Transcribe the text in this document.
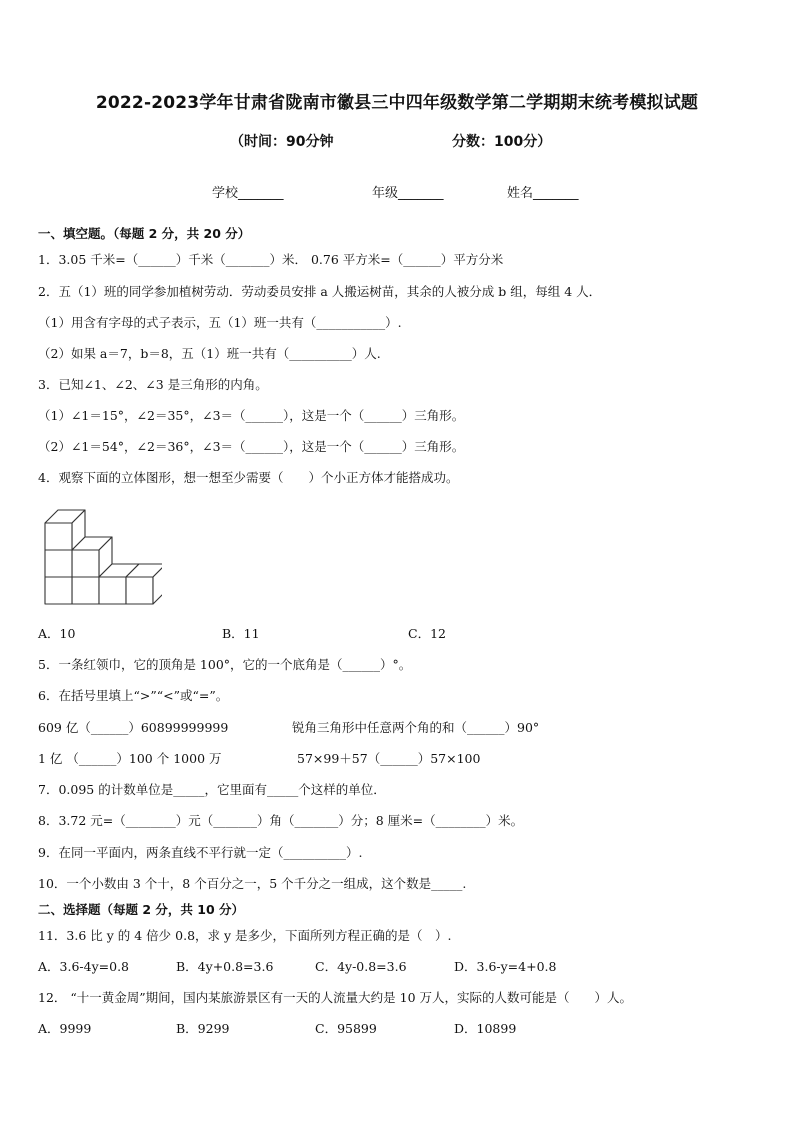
2022-2023学年甘肃省陇南市徽县三中四年级数学第二学期期末统考模拟试题
（时间：90分钟	分数：100分）
学校_______	年级_______	姓名_______
一、填空题。（每题 2 分，共 20 分）
1．3.05 千米=（______）千米（_______）米． 0.76 平方米=（______）平方分米
2．五（1）班的同学参加植树劳动．劳动委员安排 a 人搬运树苗，其余的人被分成 b 组，每组 4 人．
（1）用含有字母的式子表示，五（1）班一共有（___________）.
（2）如果 a＝7，b＝8，五（1）班一共有（__________）人.
3．已知∠1、∠2、∠3 是三角形的内角。
（1）∠1＝15°，∠2＝35°，∠3＝（______），这是一个（______）三角形。
（2）∠1＝54°，∠2＝36°，∠3＝（______），这是一个（______）三角形。
4．观察下面的立体图形，想一想至少需要（　　）个小正方体才能搭成功。
A．10	B．11	C．12
5．一条红领巾，它的顶角是 100°，它的一个底角是（______）°。
6．在括号里填上“>”“<”或“=”。
609 亿（______）60899999999	锐角三角形中任意两个角的和（______）90°
1 亿 （______）100 个 1000 万	57×99＋57（______）57×100
7．0.095 的计数单位是_____，它里面有_____个这样的单位．
8．3.72 元=（________）元（_______）角（_______）分；8 厘米=（________）米。
9．在同一平面内，两条直线不平行就一定（__________）.
10．一个小数由 3 个十，8 个百分之一，5 个千分之一组成，这个数是_____.
二、选择题（每题 2 分，共 10 分）
11．3.6 比 y 的 4 倍少 0.8，求 y 是多少，下面所列方程正确的是（　）.
A．3.6-4y=0.8	B．4y+0.8=3.6	C．4y-0.8=3.6	D．3.6-y=4+0.8
12． “十一黄金周”期间，国内某旅游景区有一天的人流量大约是 10 万人，实际的人数可能是（　　）人。
A．9999	B．9299	C．95899	D．10899
